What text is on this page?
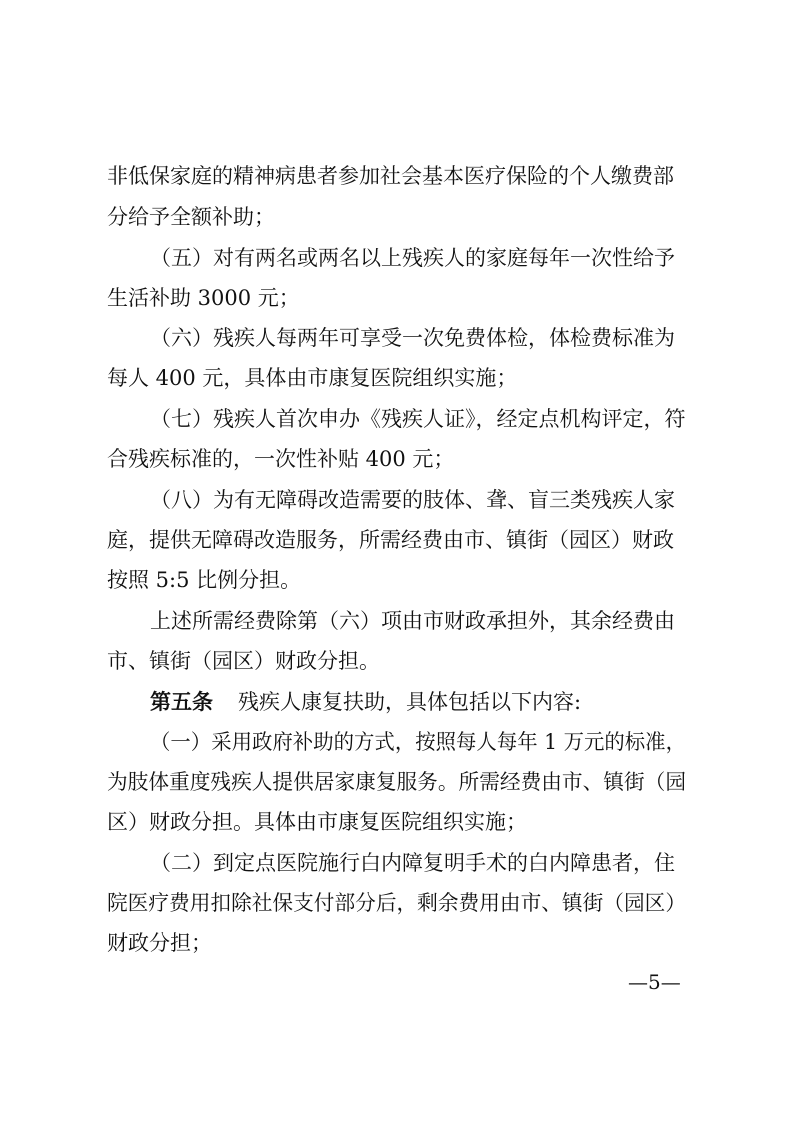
非低保家庭的精神病患者参加社会基本医疗保险的个人缴费部
分给予全额补助；
（五）对有两名或两名以上残疾人的家庭每年一次性给予
生活补助 3000 元；
（六）残疾人每两年可享受一次免费体检，体检费标准为
每人 400 元，具体由市康复医院组织实施；
（七）残疾人首次申办《残疾人证》，经定点机构评定，符
合残疾标准的，一次性补贴 400 元；
（八）为有无障碍改造需要的肢体、聋、盲三类残疾人家
庭，提供无障碍改造服务，所需经费由市、镇街（园区）财政
按照 5:5 比例分担。
上述所需经费除第（六）项由市财政承担外，其余经费由
市、镇街（园区）财政分担。
第五条 残疾人康复扶助，具体包括以下内容:
（一）采用政府补助的方式，按照每人每年 1 万元的标准，
为肢体重度残疾人提供居家康复服务。所需经费由市、镇街（园
区）财政分担。具体由市康复医院组织实施；
（二）到定点医院施行白内障复明手术的白内障患者，住
院医疗费用扣除社保支付部分后，剩余费用由市、镇街（园区）
财政分担；
—5—
